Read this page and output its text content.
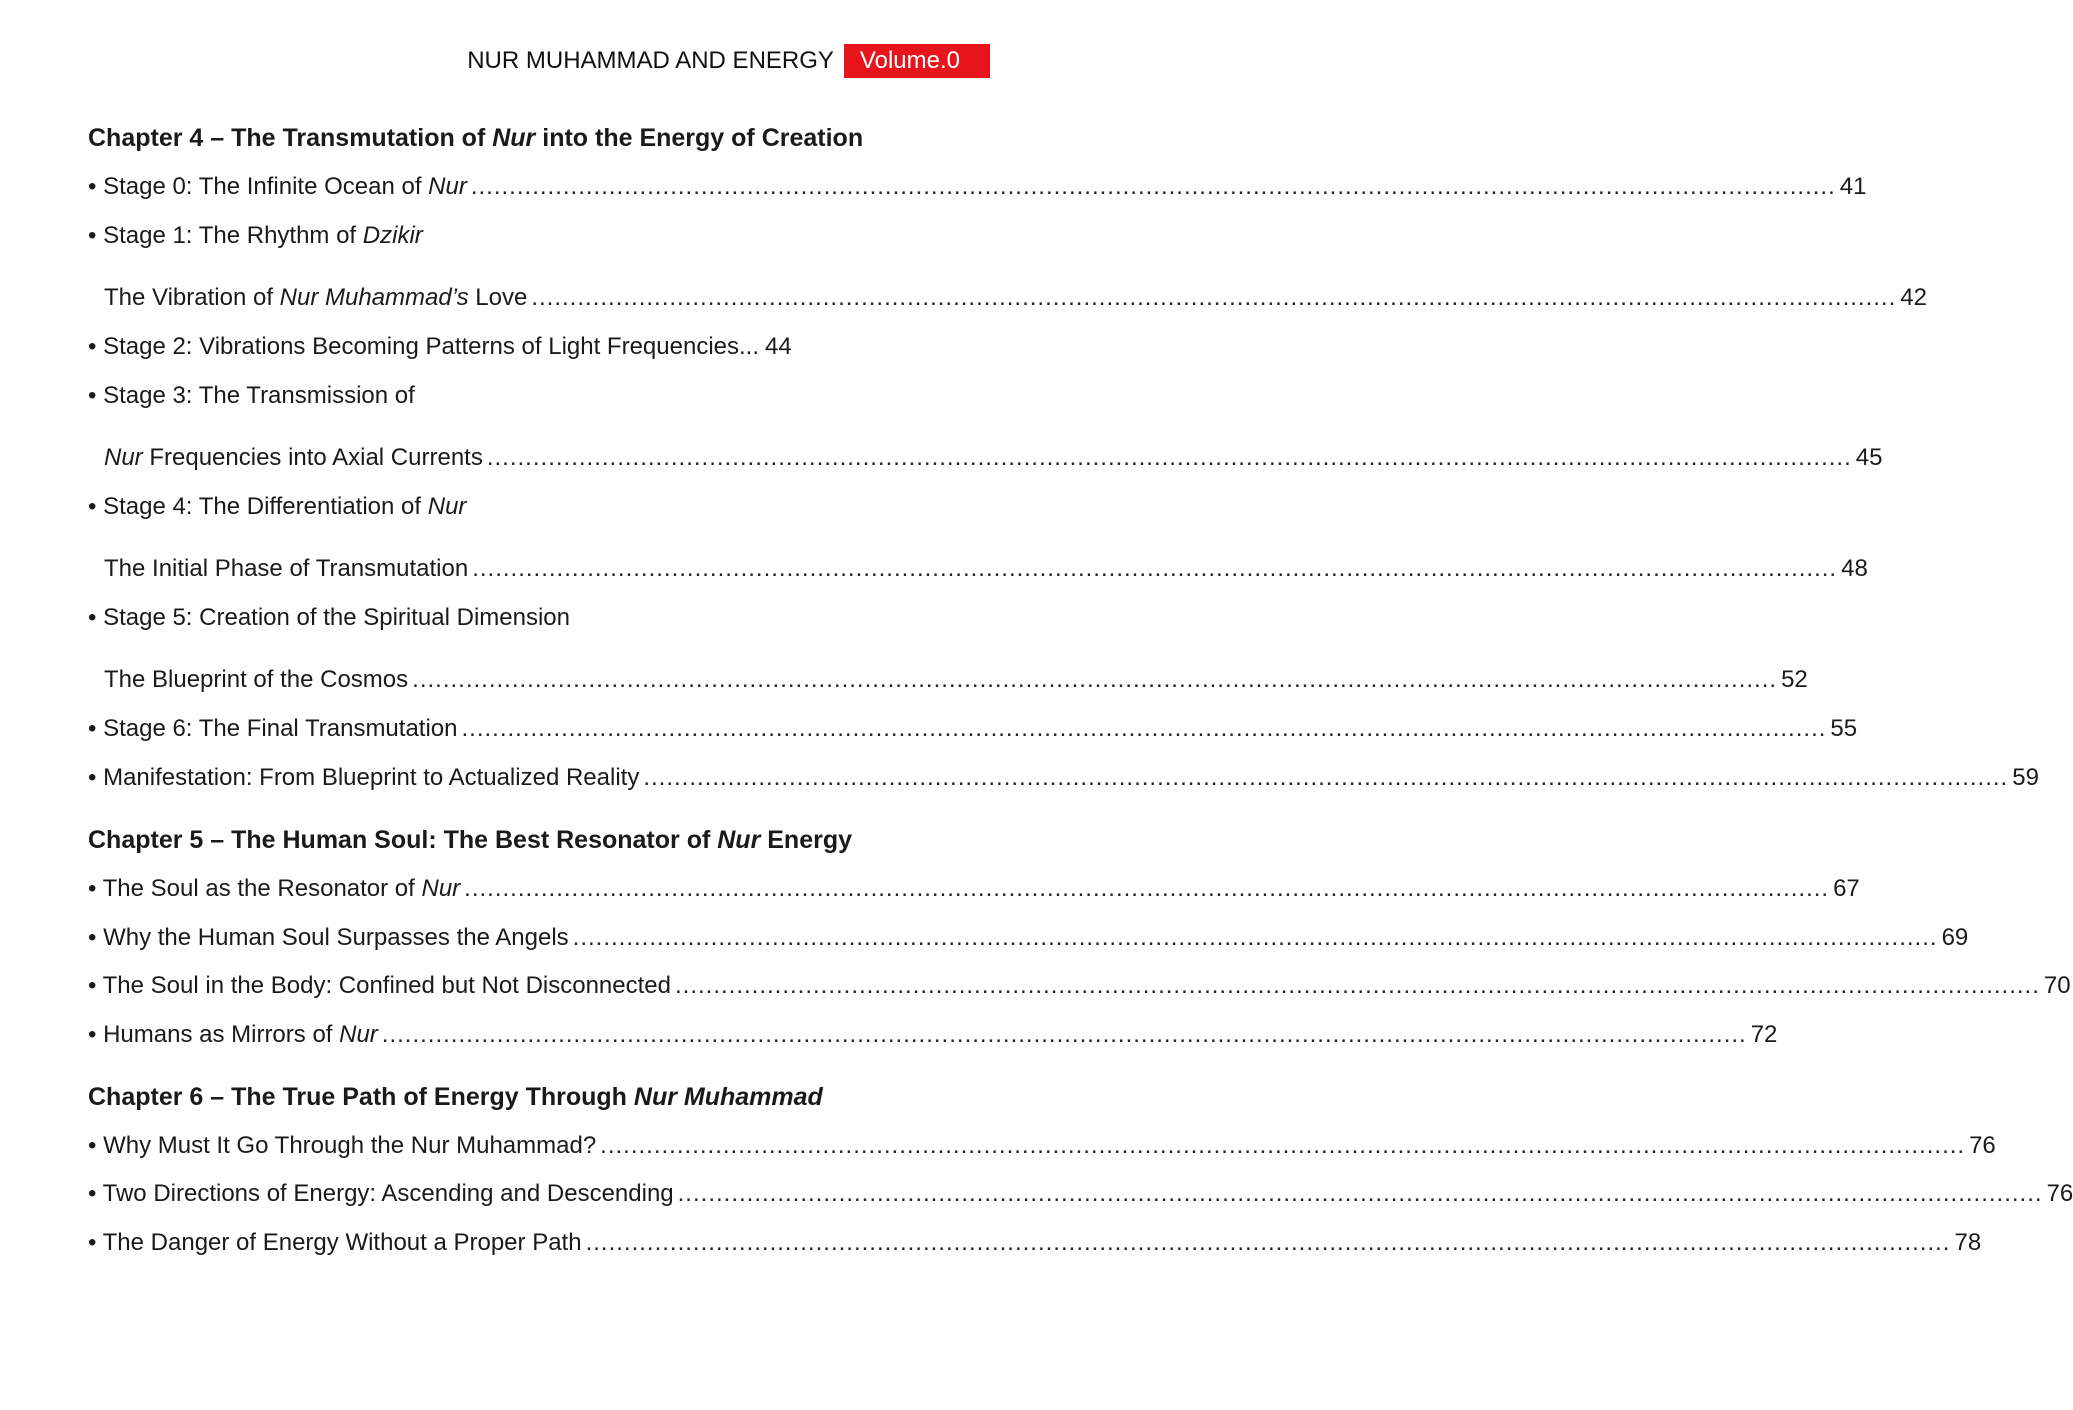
NUR MUHAMMAD AND ENERGY	Volume.0
Chapter 4 – The Transmutation of Nur into the Energy of Creation
• Stage 0: The Infinite Ocean of Nur .....	41
• Stage 1: The Rhythm of Dzikir
The Vibration of Nur Muhammad’s Love .....	42
• Stage 2: Vibrations Becoming Patterns of Light Frequencies... 44
• Stage 3: The Transmission of
Nur Frequencies into Axial Currents .....	45
• Stage 4: The Differentiation of Nur
The Initial Phase of Transmutation .....	48
• Stage 5: Creation of the Spiritual Dimension
The Blueprint of the Cosmos .....	52
• Stage 6: The Final Transmutation .....	55
• Manifestation: From Blueprint to Actualized Reality .....	59
Chapter 5 – The Human Soul: The Best Resonator of Nur Energy
• The Soul as the Resonator of Nur .....	67
• Why the Human Soul Surpasses the Angels .....	69
• The Soul in the Body: Confined but Not Disconnected .....	70
• Humans as Mirrors of Nur .....	72
Chapter 6 – The True Path of Energy Through Nur Muhammad
• Why Must It Go Through the Nur Muhammad? .....	76
• Two Directions of Energy: Ascending and Descending .....	76
• The Danger of Energy Without a Proper Path .....	78
